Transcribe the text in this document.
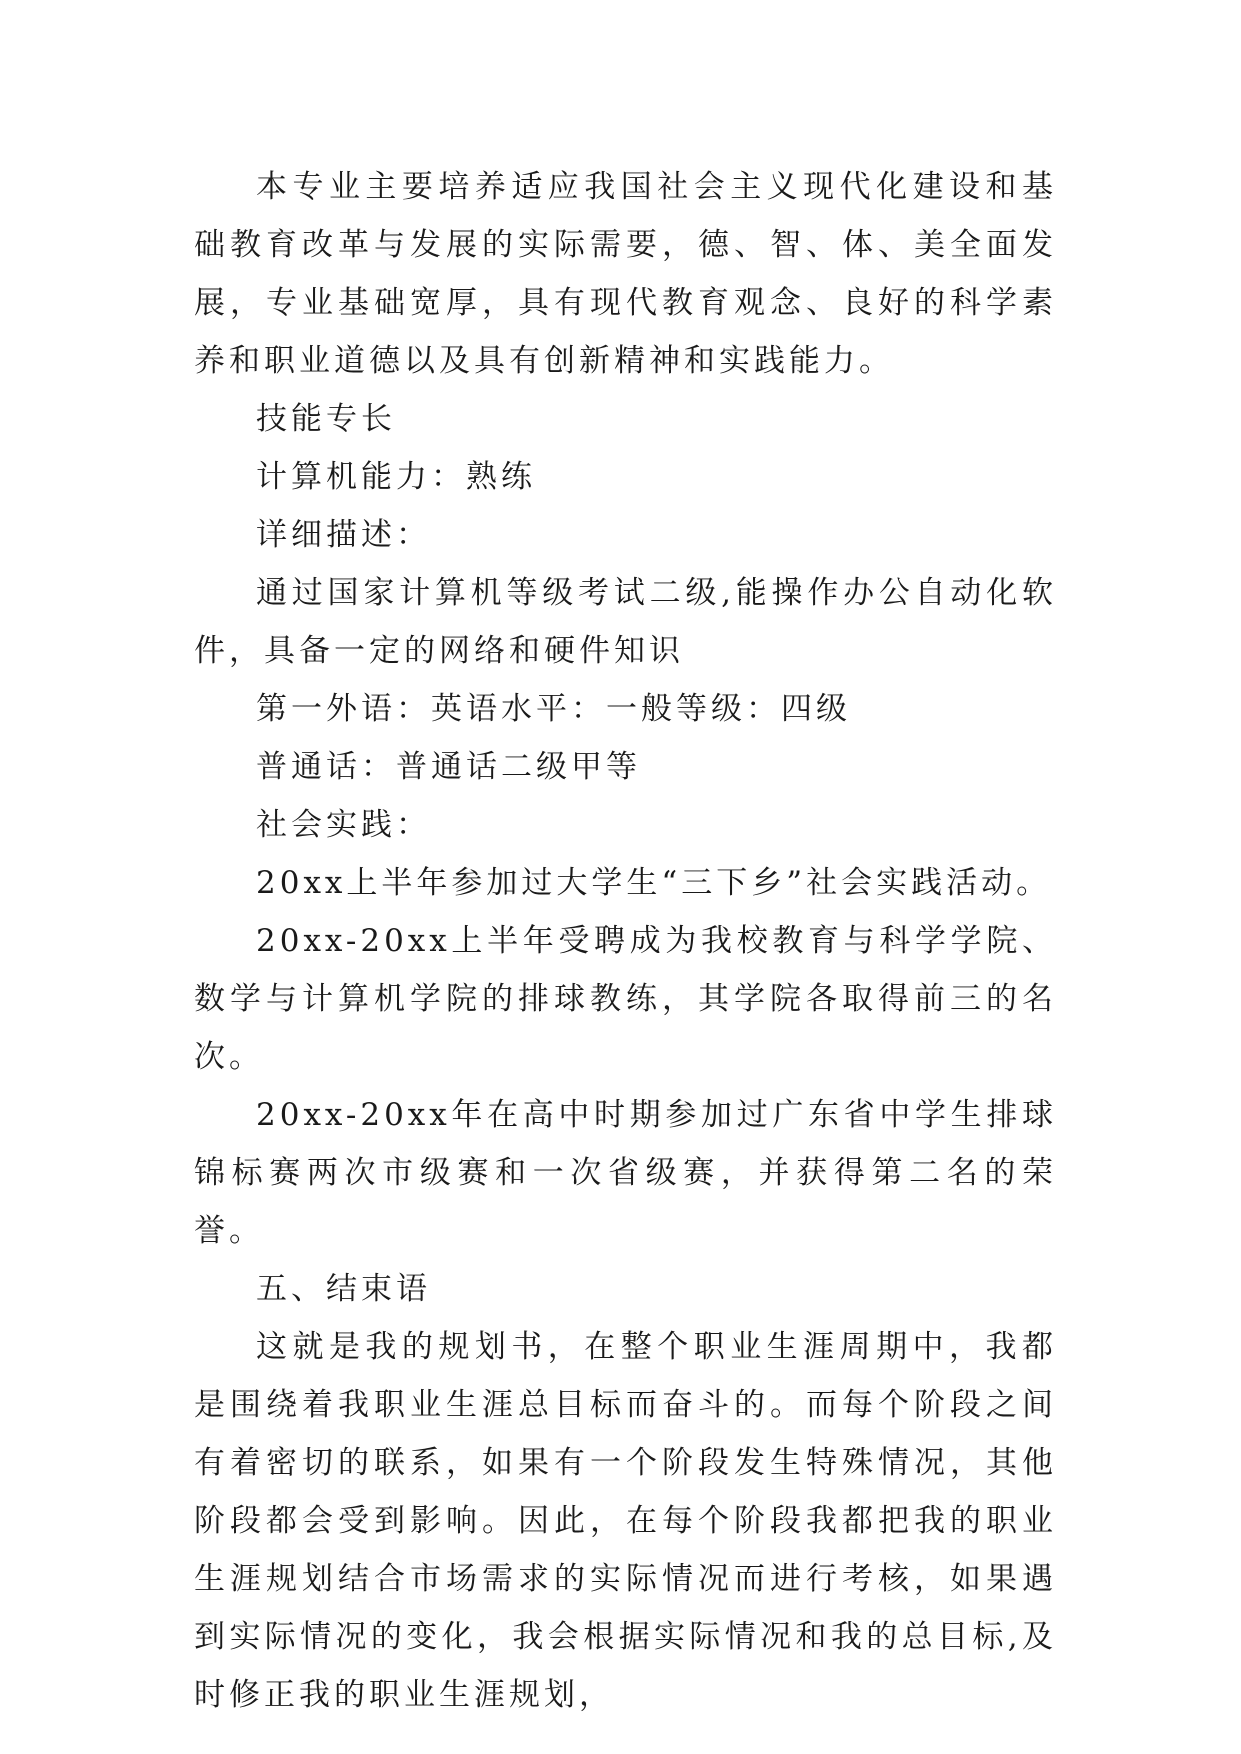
本专业主要培养适应我国社会主义现代化建设和基础教育改革与发展的实际需要，德、智、体、美全面发展，专业基础宽厚，具有现代教育观念、良好的科学素养和职业道德以及具有创新精神和实践能力。

技能专长

计算机能力：熟练

详细描述：

通过国家计算机等级考试二级,能操作办公自动化软件，具备一定的网络和硬件知识

第一外语：英语水平：一般等级：四级

普通话：普通话二级甲等

社会实践：

20xx上半年参加过大学生“三下乡”社会实践活动。

20xx-20xx上半年受聘成为我校教育与科学学院、数学与计算机学院的排球教练，其学院各取得前三的名次。

20xx-20xx年在高中时期参加过广东省中学生排球锦标赛两次市级赛和一次省级赛，并获得第二名的荣誉。

五、结束语

这就是我的规划书，在整个职业生涯周期中，我都是围绕着我职业生涯总目标而奋斗的。而每个阶段之间有着密切的联系，如果有一个阶段发生特殊情况，其他阶段都会受到影响。因此，在每个阶段我都把我的职业生涯规划结合市场需求的实际情况而进行考核，如果遇到实际情况的变化，我会根据实际情况和我的总目标,及时修正我的职业生涯规划，
